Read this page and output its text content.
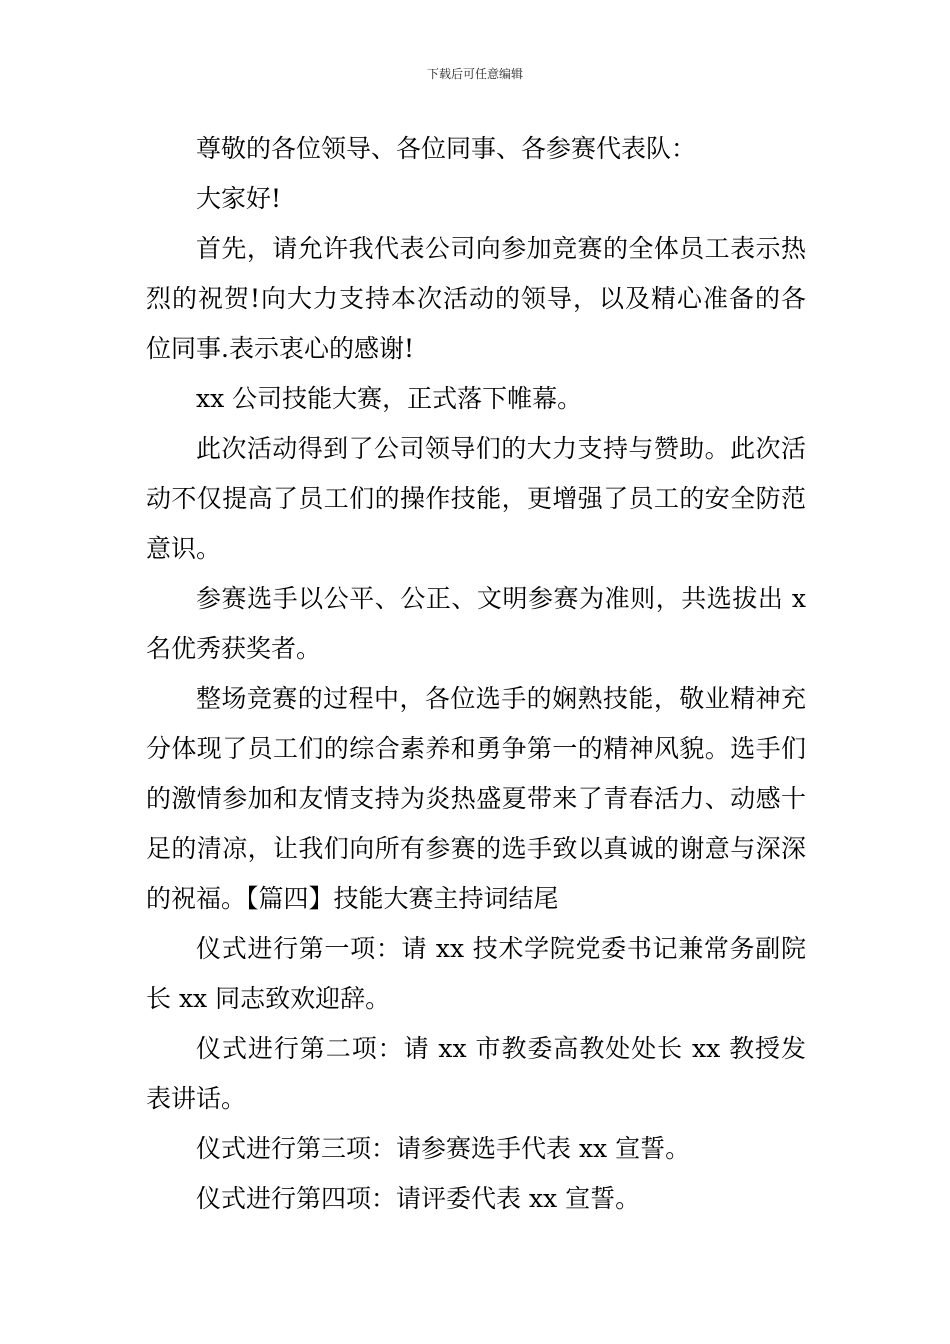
下载后可任意编辑

尊敬的各位领导、各位同事、各参赛代表队：

大家好!

首先，请允许我代表公司向参加竞赛的全体员工表示热烈的祝贺!向大力支持本次活动的领导，以及精心准备的各位同事.表示衷心的感谢!

xx 公司技能大赛，正式落下帷幕。

此次活动得到了公司领导们的大力支持与赞助。此次活动不仅提高了员工们的操作技能，更增强了员工的安全防范意识。

参赛选手以公平、公正、文明参赛为准则，共选拔出 x 名优秀获奖者。

整场竞赛的过程中，各位选手的娴熟技能，敬业精神充分体现了员工们的综合素养和勇争第一的精神风貌。选手们的激情参加和友情支持为炎热盛夏带来了青春活力、动感十足的清凉，让我们向所有参赛的选手致以真诚的谢意与深深的祝福。【篇四】技能大赛主持词结尾

仪式进行第一项：请 xx 技术学院党委书记兼常务副院长 xx 同志致欢迎辞。

仪式进行第二项：请 xx 市教委高教处处长 xx 教授发表讲话。

仪式进行第三项：请参赛选手代表 xx 宣誓。

仪式进行第四项：请评委代表 xx 宣誓。
